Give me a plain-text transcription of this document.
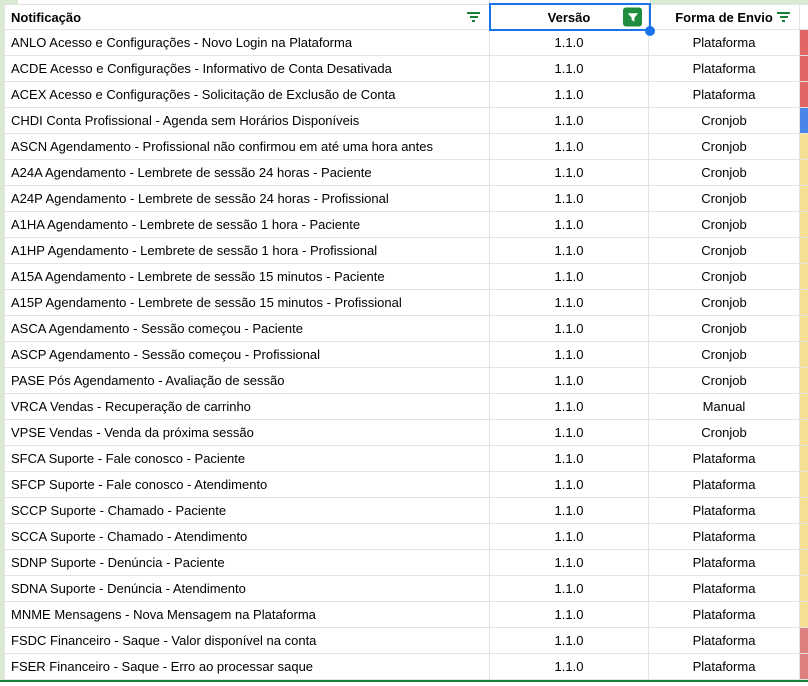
Notificação	Versão	Forma de Envio
ANLO Acesso e Configurações - Novo Login na Plataforma	1.1.0	Plataforma
ACDE Acesso e Configurações - Informativo de Conta Desativada	1.1.0	Plataforma
ACEX Acesso e Configurações - Solicitação de Exclusão de Conta	1.1.0	Plataforma
CHDI Conta Profissional - Agenda sem Horários Disponíveis	1.1.0	Cronjob
ASCN Agendamento - Profissional não confirmou em até uma hora antes	1.1.0	Cronjob
A24A Agendamento - Lembrete de sessão 24 horas - Paciente	1.1.0	Cronjob
A24P Agendamento - Lembrete de sessão 24 horas - Profissional	1.1.0	Cronjob
A1HA Agendamento - Lembrete de sessão 1 hora - Paciente	1.1.0	Cronjob
A1HP Agendamento - Lembrete de sessão 1 hora - Profissional	1.1.0	Cronjob
A15A Agendamento - Lembrete de sessão 15 minutos - Paciente	1.1.0	Cronjob
A15P Agendamento - Lembrete de sessão 15 minutos - Profissional	1.1.0	Cronjob
ASCA Agendamento - Sessão começou - Paciente	1.1.0	Cronjob
ASCP Agendamento - Sessão começou - Profissional	1.1.0	Cronjob
PASE Pós Agendamento - Avaliação de sessão	1.1.0	Cronjob
VRCA Vendas - Recuperação de carrinho	1.1.0	Manual
VPSE Vendas - Venda da próxima sessão	1.1.0	Cronjob
SFCA Suporte - Fale conosco - Paciente	1.1.0	Plataforma
SFCP Suporte - Fale conosco - Atendimento	1.1.0	Plataforma
SCCP Suporte - Chamado - Paciente	1.1.0	Plataforma
SCCA Suporte - Chamado - Atendimento	1.1.0	Plataforma
SDNP Suporte - Denúncia - Paciente	1.1.0	Plataforma
SDNA Suporte - Denúncia - Atendimento	1.1.0	Plataforma
MNME Mensagens - Nova Mensagem na Plataforma	1.1.0	Plataforma
FSDC Financeiro - Saque - Valor disponível na conta	1.1.0	Plataforma
FSER Financeiro - Saque - Erro ao processar saque	1.1.0	Plataforma
